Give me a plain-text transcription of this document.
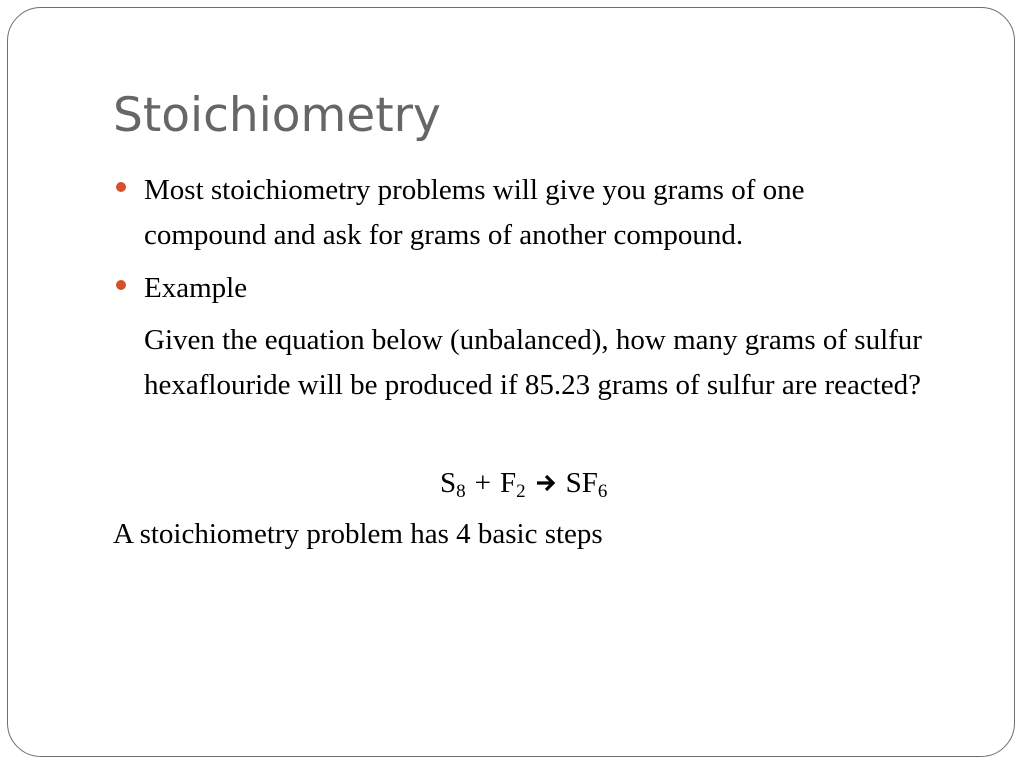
Stoichiometry
Most stoichiometry problems will give you grams of one compound and ask for grams of another compound.
Example
Given the equation below (unbalanced), how many grams of sulfur hexaflouride will be produced if 85.23 grams of sulfur are reacted?
$S_8 + F_2$ $SF_6$
A stoichiometry problem has 4 basic steps
